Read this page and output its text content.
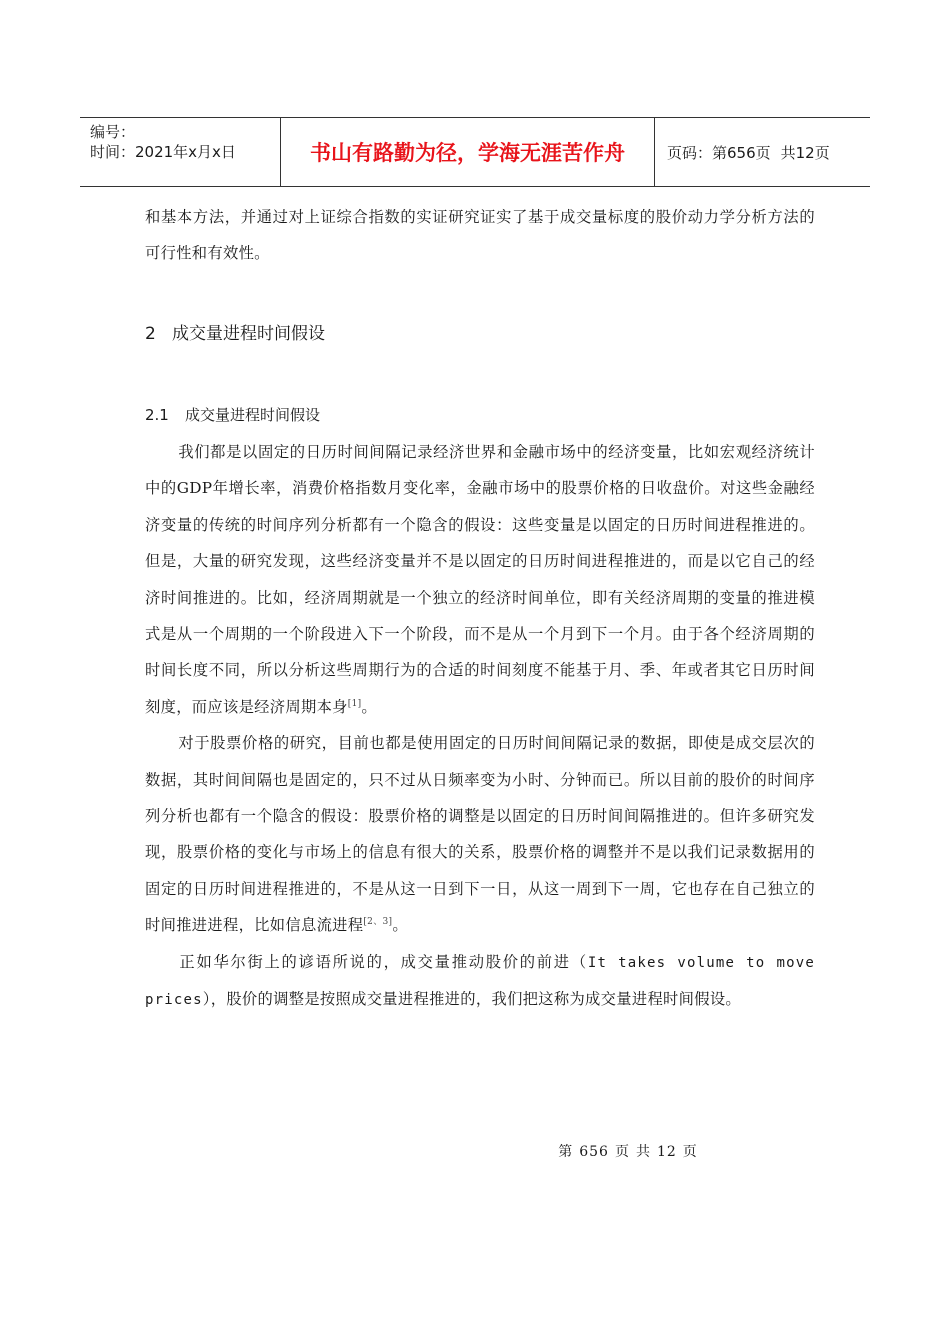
编号：
时间：2021年x月x日	书山有路勤为径，学海无涯苦作舟	页码：第656页 共12页

和基本方法，并通过对上证综合指数的实证研究证实了基于成交量标度的股价动力学分析方法的可行性和有效性。

2 成交量进程时间假设
2.1 成交量进程时间假设

我们都是以固定的日历时间间隔记录经济世界和金融市场中的经济变量，比如宏观经济统计中的GDP年增长率，消费价格指数月变化率，金融市场中的股票价格的日收盘价。对这些金融经济变量的传统的时间序列分析都有一个隐含的假设：这些变量是以固定的日历时间进程推进的。但是，大量的研究发现，这些经济变量并不是以固定的日历时间进程推进的，而是以它自己的经济时间推进的。比如，经济周期就是一个独立的经济时间单位，即有关经济周期的变量的推进模式是从一个周期的一个阶段进入下一个阶段，而不是从一个月到下一个月。由于各个经济周期的时间长度不同，所以分析这些周期行为的合适的时间刻度不能基于月、季、年或者其它日历时间刻度，而应该是经济周期本身[1]。

对于股票价格的研究，目前也都是使用固定的日历时间间隔记录的数据，即使是成交层次的数据，其时间间隔也是固定的，只不过从日频率变为小时、分钟而已。所以目前的股价的时间序列分析也都有一个隐含的假设：股票价格的调整是以固定的日历时间间隔推进的。但许多研究发现，股票价格的变化与市场上的信息有很大的关系，股票价格的调整并不是以我们记录数据用的固定的日历时间进程推进的，不是从这一日到下一日，从这一周到下一周，它也存在自己独立的时间推进进程，比如信息流进程[2、3]。

正如华尔街上的谚语所说的，成交量推动股价的前进（It takes volume to move prices），股价的调整是按照成交量进程推进的，我们把这称为成交量进程时间假设。

第 656 页 共 12 页
